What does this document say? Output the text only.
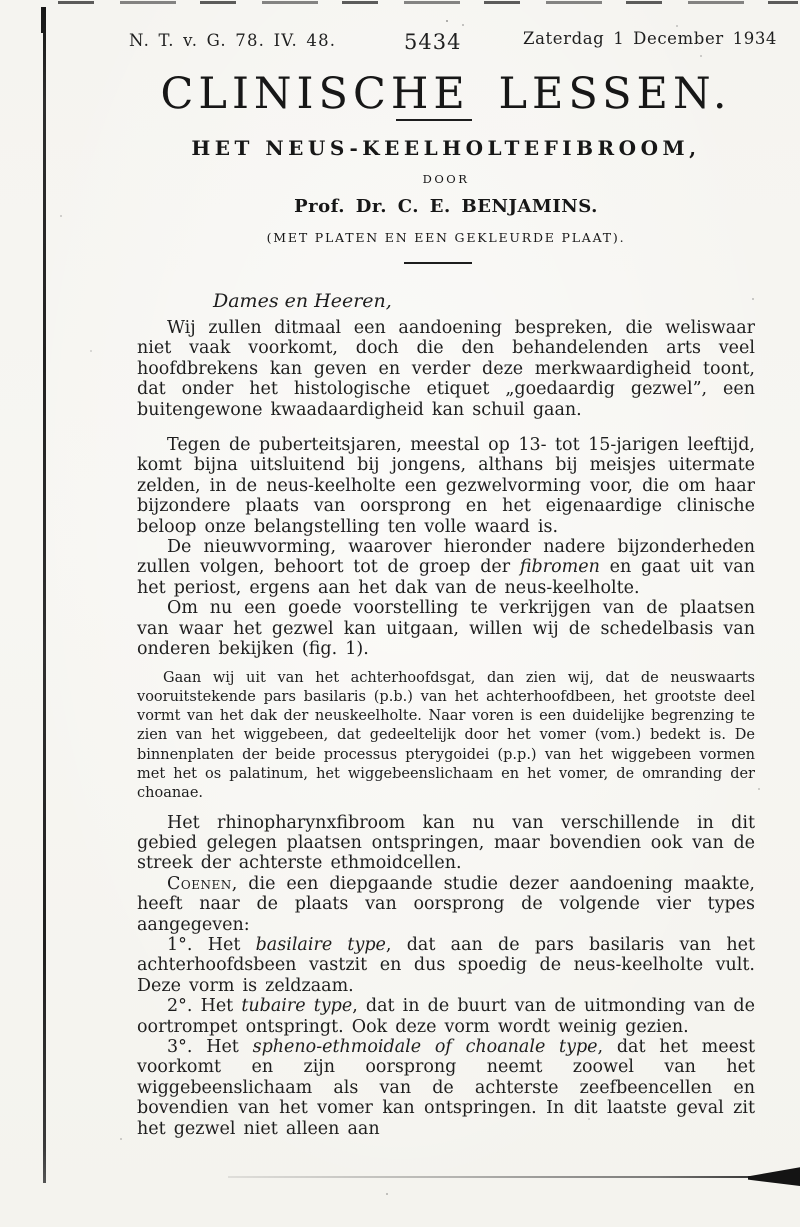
N. T. v. G. 78. IV. 48.	5434	Zaterdag 1 December 1934
CLINISCHE LESSEN.
HET NEUS-KEELHOLTEFIBROOM,
DOOR
Prof. Dr. C. E. BENJAMINS.
(MET PLATEN EN EEN GEKLEURDE PLAAT).

Dames en Heeren,

Wij zullen ditmaal een aandoening bespreken, die weliswaar niet vaak voorkomt, doch die den behandelenden arts veel hoofdbrekens kan geven en verder deze merkwaardigheid toont, dat onder het histologische etiquet „goedaardig gezwel”, een buitengewone kwaadaardigheid kan schuil gaan.

Tegen de puberteitsjaren, meestal op 13- tot 15-jarigen leeftijd, komt bijna uitsluitend bij jongens, althans bij meisjes uitermate zelden, in de neus-keelholte een gezwelvorming voor, die om haar bijzondere plaats van oorsprong en het eigenaardige clinische beloop onze belangstelling ten volle waard is.

De nieuwvorming, waarover hieronder nadere bijzonderheden zullen volgen, behoort tot de groep der fibromen en gaat uit van het periost, ergens aan het dak van de neus-keelholte.

Om nu een goede voorstelling te verkrijgen van de plaatsen van waar het gezwel kan uitgaan, willen wij de schedelbasis van onderen bekijken (fig. 1).

Gaan wij uit van het achterhoofdsgat, dan zien wij, dat de neuswaarts vooruitstekende pars basilaris (p.b.) van het achterhoofdbeen, het grootste deel vormt van het dak der neuskeelholte. Naar voren is een duidelijke begrenzing te zien van het wiggebeen, dat gedeeltelijk door het vomer (vom.) bedekt is. De binnenplaten der beide processus pterygoidei (p.p.) van het wiggebeen vormen met het os palatinum, het wiggebeenslichaam en het vomer, de omranding der choanae.

Het rhinopharynxfibroom kan nu van verschillende in dit gebied gelegen plaatsen ontspringen, maar bovendien ook van de streek der achterste ethmoidcellen.

Coenen, die een diepgaande studie dezer aandoening maakte, heeft naar de plaats van oorsprong de volgende vier types aangegeven:

1°. Het basilaire type, dat aan de pars basilaris van het achterhoofdsbeen vastzit en dus spoedig de neus-keelholte vult. Deze vorm is zeldzaam.

2°. Het tubaire type, dat in de buurt van de uitmonding van de oortrompet ontspringt. Ook deze vorm wordt weinig gezien.

3°. Het spheno-ethmoidale of choanale type, dat het meest voorkomt en zijn oorsprong neemt zoowel van het wiggebeenslichaam als van de achterste zeefbeencellen en bovendien van het vomer kan ontspringen. In dit laatste geval zit het gezwel niet alleen aan
